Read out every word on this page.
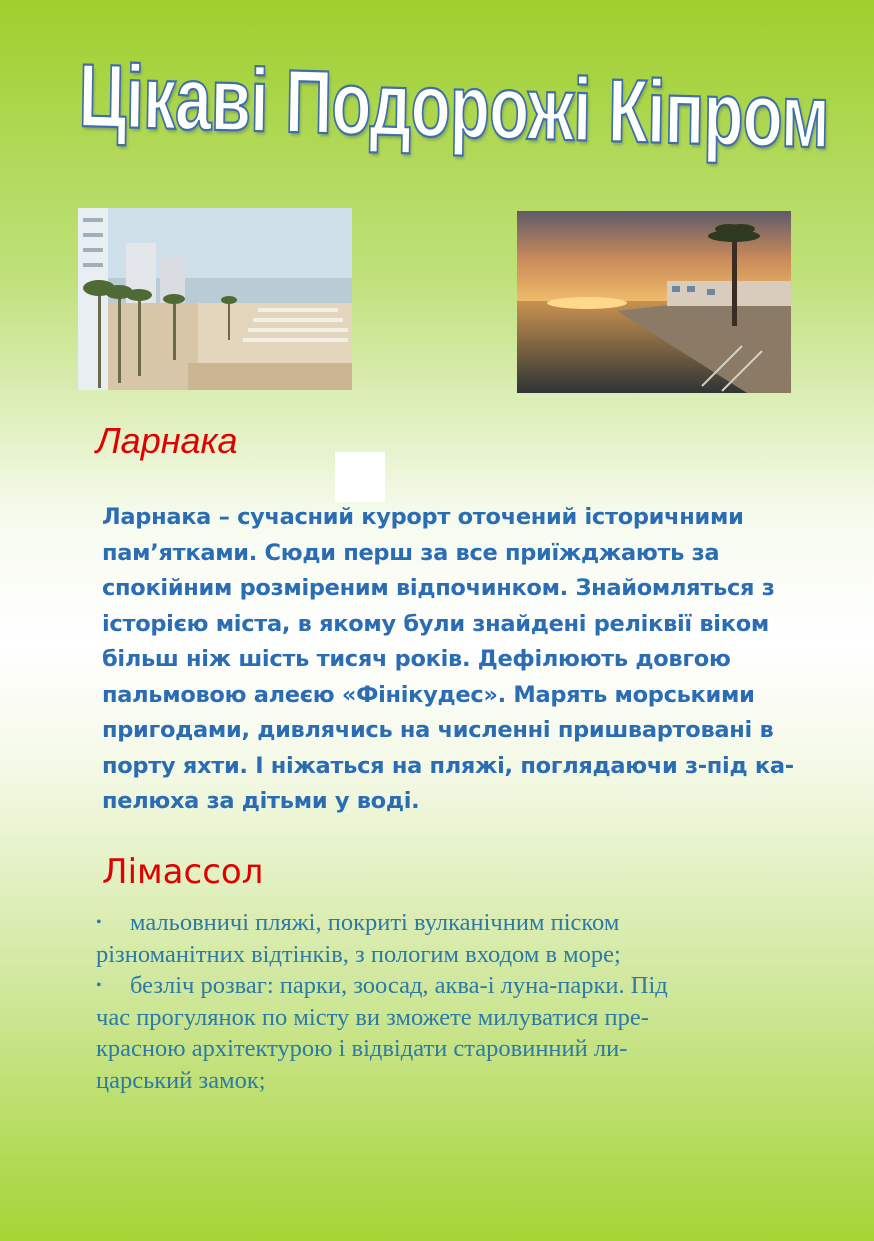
Цікаві Подорожі Кіпром
Ларнака

Ларнака – сучасний курорт оточений історичними

пам’ятками. Сюди перш за все приїжджають за

спокійним розміреним відпочинком. Знайомляться з

історією міста, в якому були знайдені реліквії віком

більш ніж шість тисяч років. Дефілюють довгою

пальмовою алеєю «Фінікудес». Марять морськими

пригодами, дивлячись на численні пришвартовані в

порту яхти. І ніжаться на пляжі, поглядаючи з-під ка-

пелюха за дітьми у воді.

Лімассол

• мальовничі пляжі, покриті вулканічним піском

різноманітних відтінків, з пологим входом в море;

• безліч розваг: парки, зоосад, аква-і луна-парки. Під

час прогулянок по місту ви зможете милуватися пре-

красною архітектурою і відвідати старовинний ли-

царський замок;
